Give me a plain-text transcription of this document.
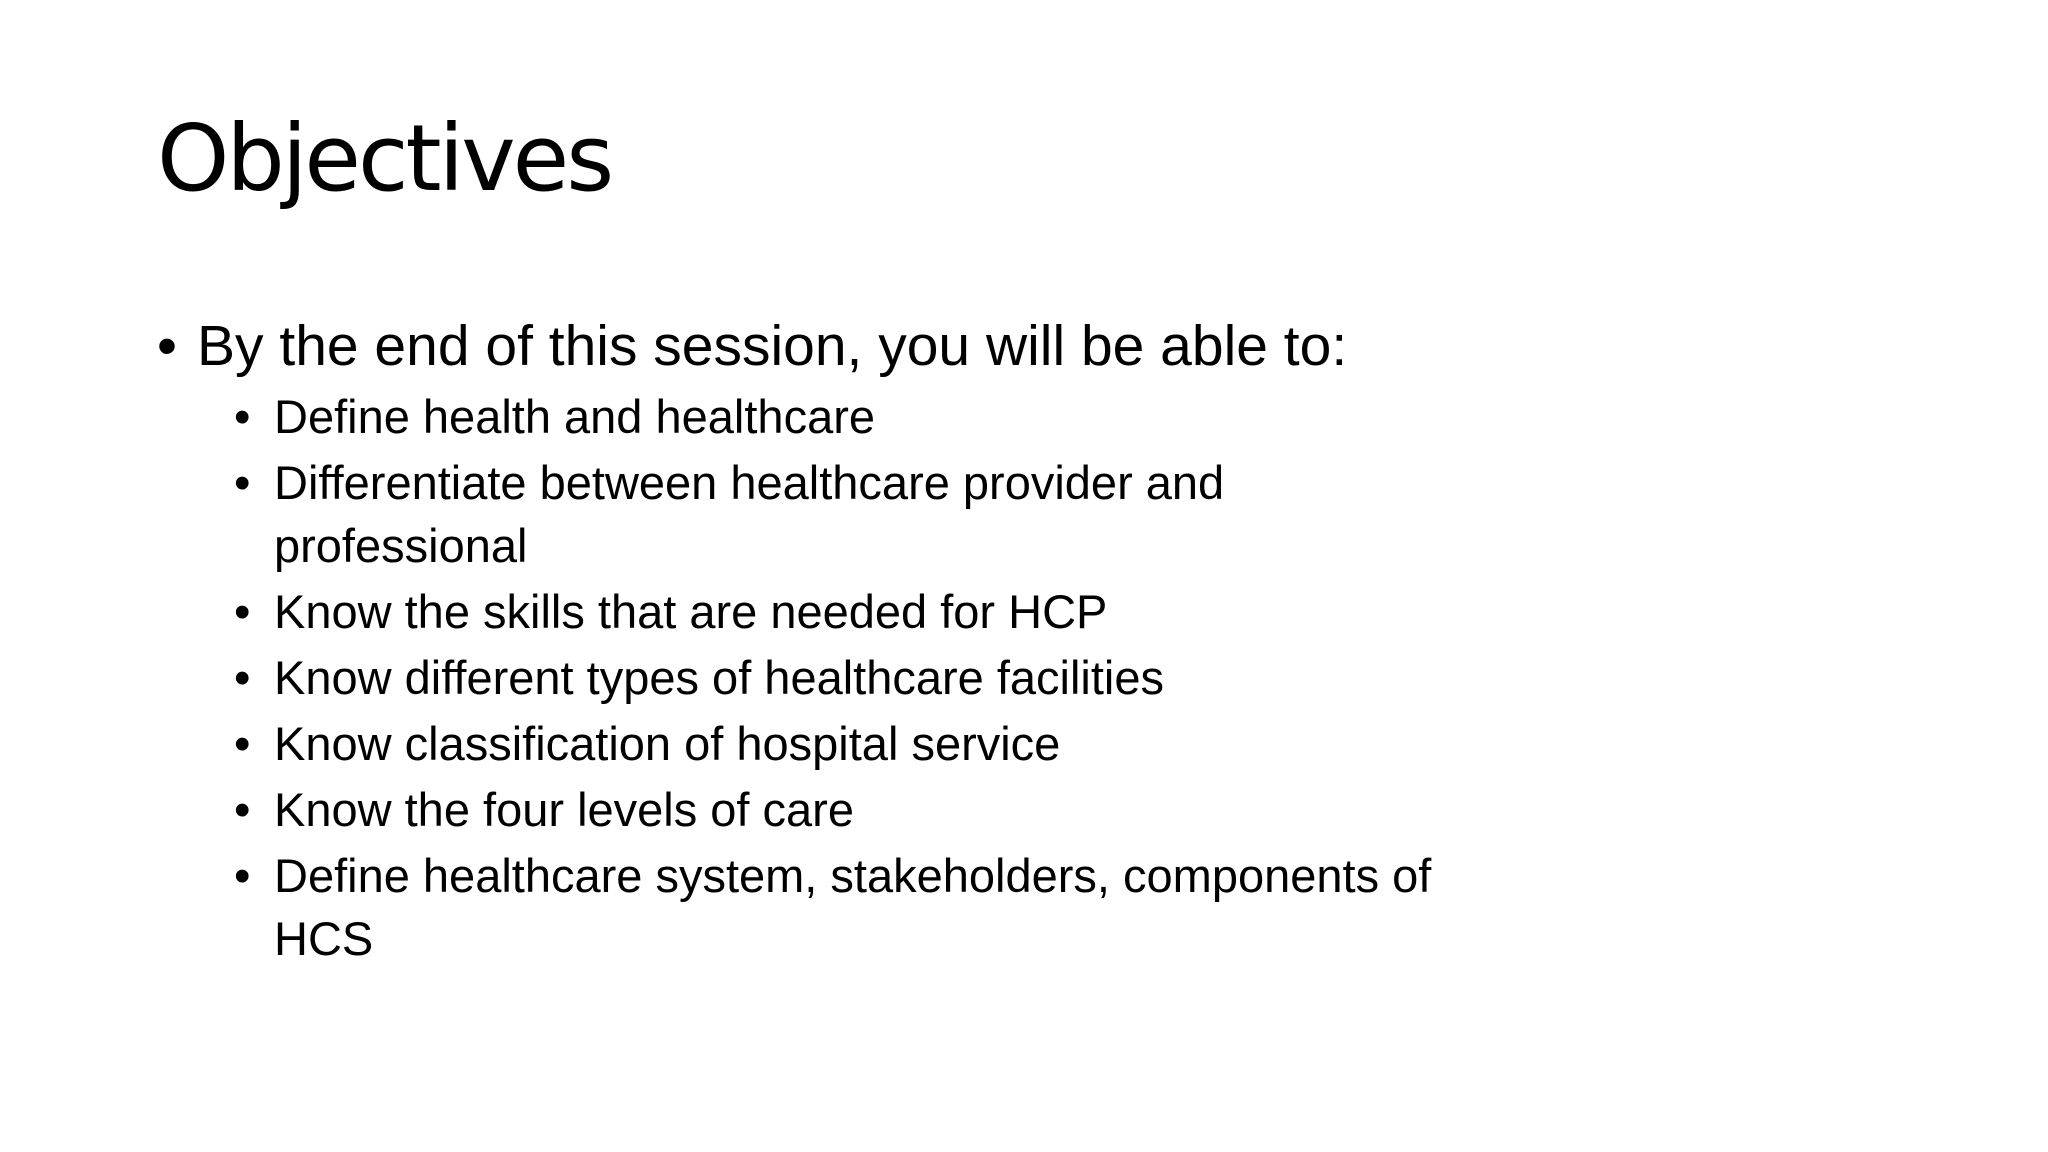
Objectives
• By the end of this session, you will be able to:
• Define health and healthcare
• Differentiate between healthcare provider and professional
• Know the skills that are needed for HCP
• Know different types of healthcare facilities
• Know classification of hospital service
• Know the four levels of care
• Define healthcare system, stakeholders, components of HCS
